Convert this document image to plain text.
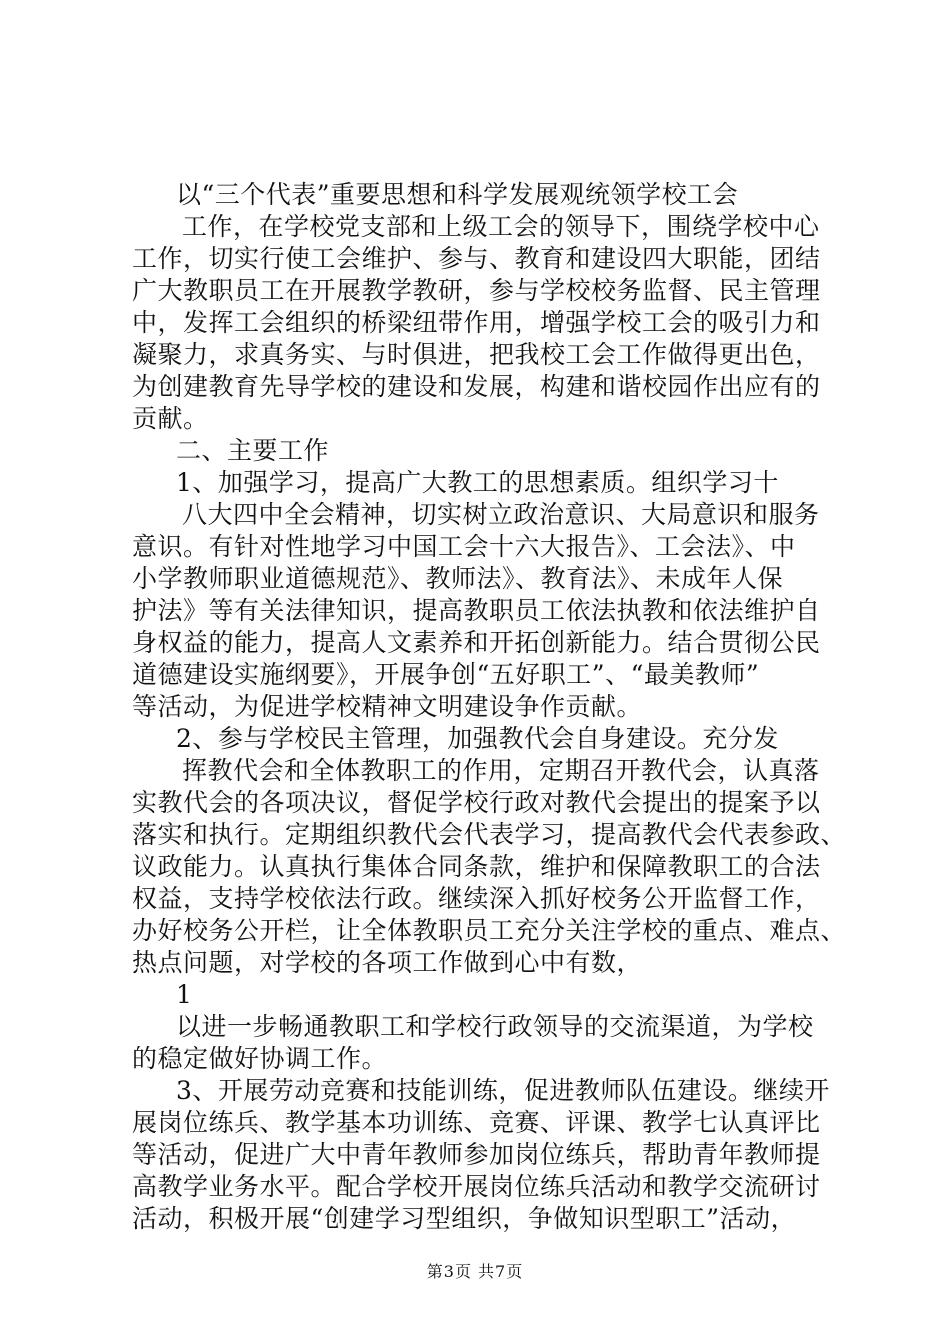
以“三个代表”重要思想和科学发展观统领学校工会
工作，在学校党支部和上级工会的领导下，围绕学校中心
工作，切实行使工会维护、参与、教育和建设四大职能，团结
广大教职员工在开展教学教研，参与学校校务监督、民主管理
中，发挥工会组织的桥梁纽带作用，增强学校工会的吸引力和
凝聚力，求真务实、与时俱进，把我校工会工作做得更出色，
为创建教育先导学校的建设和发展，构建和谐校园作出应有的
贡献。
二、主要工作
1、加强学习，提高广大教工的思想素质。组织学习十
八大四中全会精神，切实树立政治意识、大局意识和服务
意识。有针对性地学习中国工会十六大报告》、工会法》、中
小学教师职业道德规范》、教师法》、教育法》、未成年人保
护法》等有关法律知识，提高教职员工依法执教和依法维护自
身权益的能力，提高人文素养和开拓创新能力。结合贯彻公民
道德建设实施纲要》，开展争创“五好职工”、“最美教师”
等活动，为促进学校精神文明建设争作贡献。
2、参与学校民主管理，加强教代会自身建设。充分发
挥教代会和全体教职工的作用，定期召开教代会，认真落
实教代会的各项决议，督促学校行政对教代会提出的提案予以
落实和执行。定期组织教代会代表学习，提高教代会代表参政、
议政能力。认真执行集体合同条款，维护和保障教职工的合法
权益，支持学校依法行政。继续深入抓好校务公开监督工作，
办好校务公开栏，让全体教职员工充分关注学校的重点、难点、
热点问题，对学校的各项工作做到心中有数，
1
以进一步畅通教职工和学校行政领导的交流渠道，为学校
的稳定做好协调工作。
3、开展劳动竞赛和技能训练，促进教师队伍建设。继续开
展岗位练兵、教学基本功训练、竞赛、评课、教学七认真评比
等活动，促进广大中青年教师参加岗位练兵，帮助青年教师提
高教学业务水平。配合学校开展岗位练兵活动和教学交流研讨
活动，积极开展“创建学习型组织，争做知识型职工”活动，
第3页 共7页
